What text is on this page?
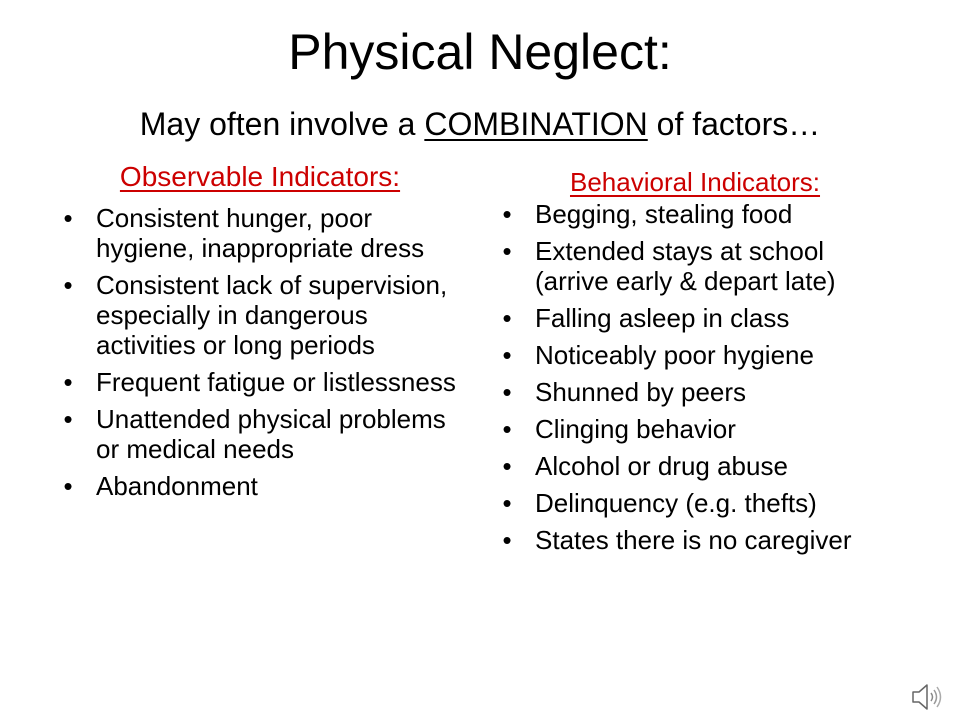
Physical Neglect:
May often involve a COMBINATION of factors…
Observable Indicators:
• Consistent hunger, poor hygiene, inappropriate dress
• Consistent lack of supervision, especially in dangerous activities or long periods
• Frequent fatigue or listlessness
• Unattended physical problems or medical needs
• Abandonment
Behavioral Indicators:
• Begging, stealing food
• Extended stays at school (arrive early & depart late)
• Falling asleep in class
• Noticeably poor hygiene
• Shunned by peers
• Clinging behavior
• Alcohol or drug abuse
• Delinquency (e.g. thefts)
• States there is no caregiver
